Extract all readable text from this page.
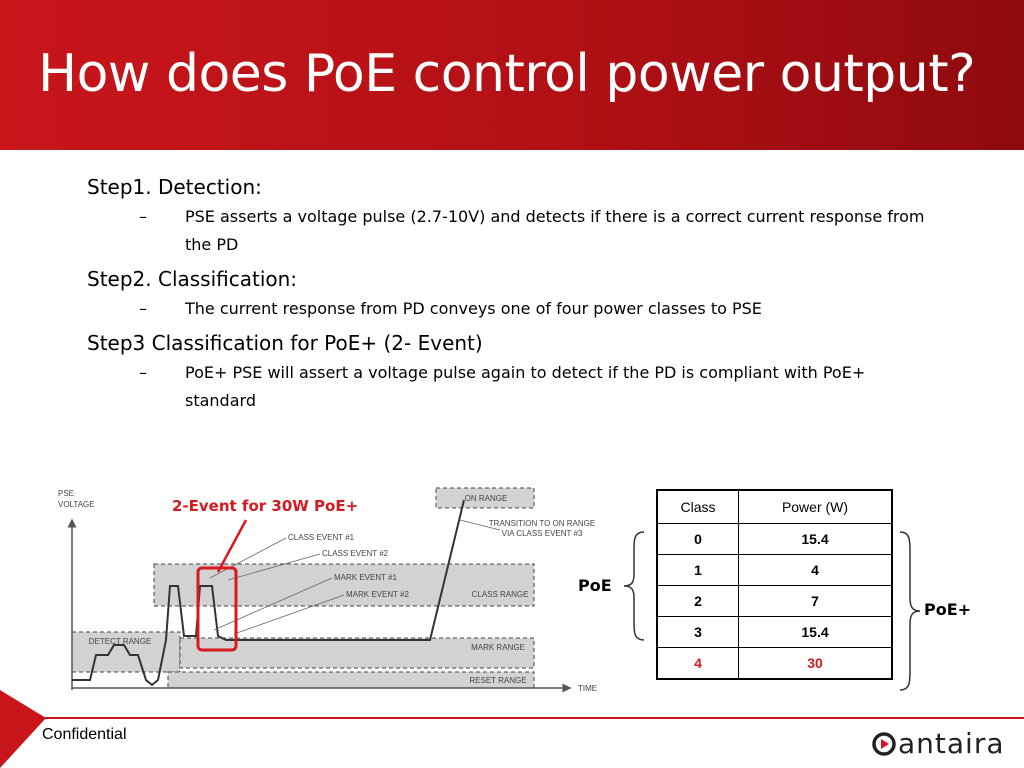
How does PoE control power output?

Step1. Detection:

– PSE asserts a voltage pulse (2.7-10V) and detects if there is a correct current response from the PD

Step2. Classification:

– The current response from PD conveys one of four power classes to PSE

Step3 Classification for PoE+ (2- Event)

– PoE+ PSE will assert a voltage pulse again to detect if the PD is compliant with PoE+ standard

PSE
VOLTAGE
TIME
ON RANGE
TRANSITION TO ON RANGE
VIA CLASS EVENT #3
CLASS EVENT #1
CLASS EVENT #2
MARK EVENT #1
MARK EVENT #2	CLASS RANGE
DETECT RANGE
MARK RANGE
RESET RANGE
2-Event for 30W PoE+	Class	Power (W)
0	15.4
1	4
2	7
3	15.4
4	30
PoE
PoE+
Confidential	antaira
